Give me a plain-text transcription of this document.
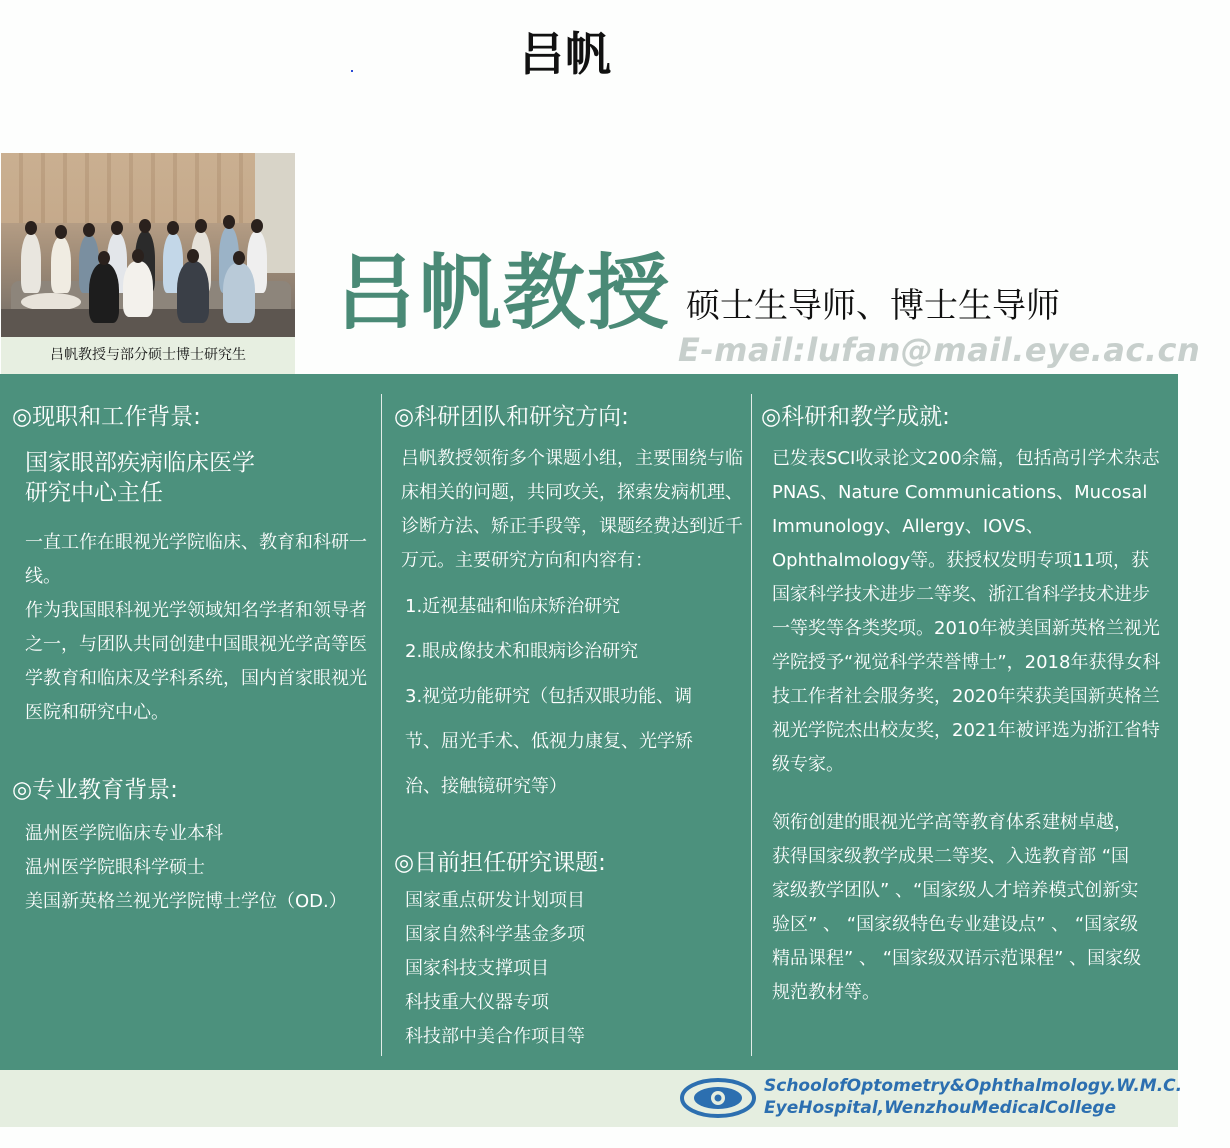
吕帆
吕帆教授与部分硕士博士研究生
吕帆教授 硕士生导师、博士生导师
E-mail:lufan@mail.eye.ac.cn
◎现职和工作背景:
国家眼部疾病临床医学
研究中心主任
一直工作在眼视光学院临床、教育和科研一线。
作为我国眼科视光学领域知名学者和领导者之一，与团队共同创建中国眼视光学高等医学教育和临床及学科系统，国内首家眼视光医院和研究中心。
◎专业教育背景:
温州医学院临床专业本科
温州医学院眼科学硕士
美国新英格兰视光学院博士学位（OD.）
◎科研团队和研究方向:
吕帆教授领衔多个课题小组，主要围绕与临床相关的问题，共同攻关，探索发病机理、诊断方法、矫正手段等，课题经费达到近千万元。主要研究方向和内容有：
1.近视基础和临床矫治研究
2.眼成像技术和眼病诊治研究
3.视觉功能研究（包括双眼功能、调
节、屈光手术、低视力康复、光学矫
治、接触镜研究等）
◎目前担任研究课题:
国家重点研发计划项目
国家自然科学基金多项
国家科技支撑项目
科技重大仪器专项
科技部中美合作项目等
◎科研和教学成就:
已发表SCI收录论文200余篇，包括高引学术杂志PNAS、Nature Communications、Mucosal Immunology、Allergy、IOVS、Ophthalmology等。获授权发明专项11项，获国家科学技术进步二等奖、浙江省科学技术进步一等奖等各类奖项。2010年被美国新英格兰视光学院授予“视觉科学荣誉博士”，2018年获得女科技工作者社会服务奖，2020年荣获美国新英格兰视光学院杰出校友奖，2021年被评选为浙江省特级专家。
领衔创建的眼视光学高等教育体系建树卓越，获得国家级教学成果二等奖、入选教育部 “国家级教学团队” 、“国家级人才培养模式创新实验区” 、 “国家级特色专业建设点” 、 “国家级精品课程” 、 “国家级双语示范课程” 、国家级规范教材等。
SchoolofOptometry&Ophthalmology.W.M.C.
EyeHospital,WenzhouMedicalCollege
